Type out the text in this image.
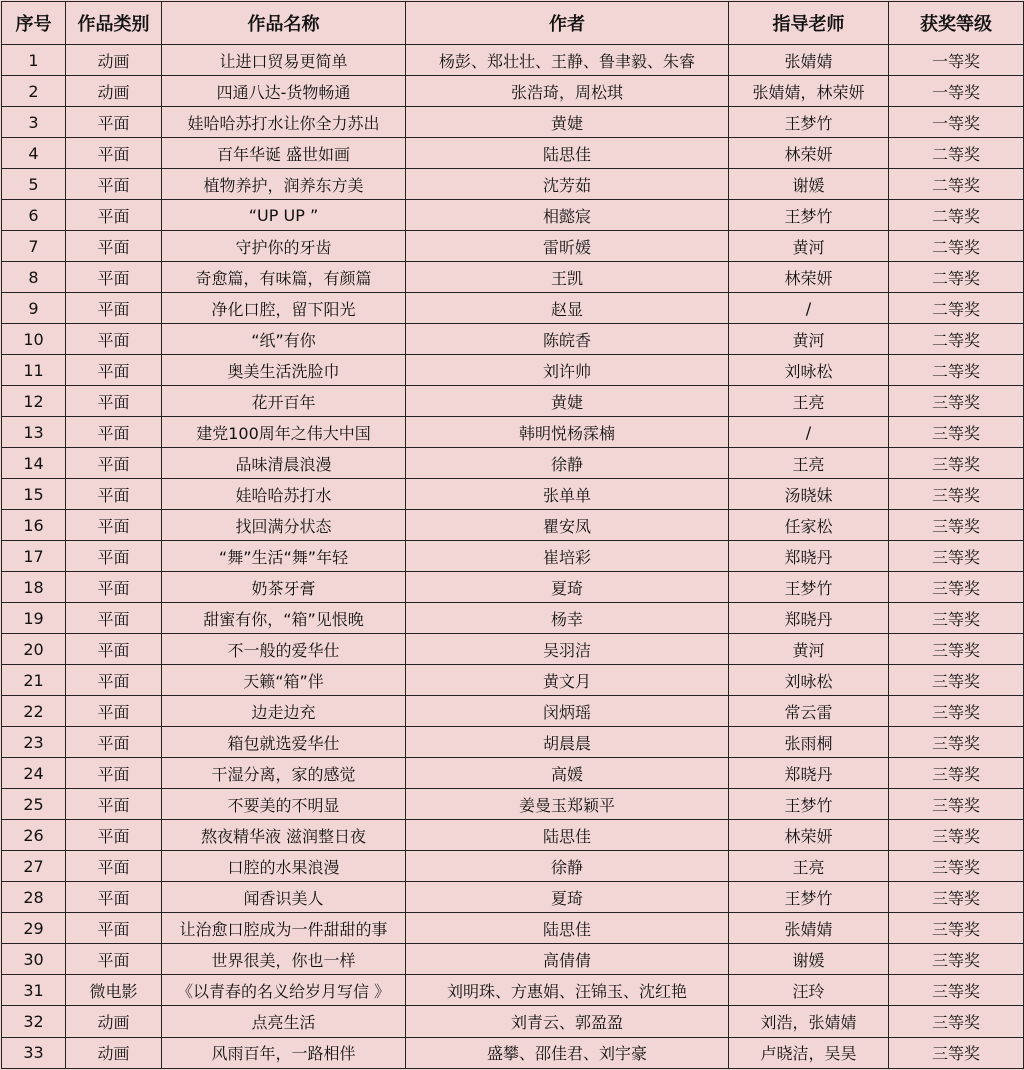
序号	作品类别	作品名称	作者	指导老师	获奖等级
1	动画	让进口贸易更简单	杨彭、郑壮壮、王静、鲁聿毅、朱睿	张婧婧	一等奖
2	动画	四通八达-货物畅通	张浩琦，周松琪	张婧婧，林荣妍	一等奖
3	平面	娃哈哈苏打水让你全力苏出	黄婕	王梦竹	一等奖
4	平面	百年华诞 盛世如画	陆思佳	林荣妍	二等奖
5	平面	植物养护，润养东方美	沈芳茹	谢媛	二等奖
6	平面	“UP UP ”	相懿宸	王梦竹	二等奖
7	平面	守护你的牙齿	雷昕媛	黄河	二等奖
8	平面	奇愈篇，有味篇，有颜篇	王凯	林荣妍	二等奖
9	平面	净化口腔，留下阳光	赵显	/	二等奖
10	平面	“纸”有你	陈皖香	黄河	二等奖
11	平面	奥美生活洗脸巾	刘许帅	刘咏松	二等奖
12	平面	花开百年	黄婕	王亮	三等奖
13	平面	建党100周年之伟大中国	韩明悦杨霂楠	/	三等奖
14	平面	品味清晨浪漫	徐静	王亮	三等奖
15	平面	娃哈哈苏打水	张单单	汤晓妹	三等奖
16	平面	找回满分状态	瞿安凤	任家松	三等奖
17	平面	“舞”生活“舞”年轻	崔培彩	郑晓丹	三等奖
18	平面	奶茶牙膏	夏琦	王梦竹	三等奖
19	平面	甜蜜有你，“箱”见恨晚	杨幸	郑晓丹	三等奖
20	平面	不一般的爱华仕	吴羽洁	黄河	三等奖
21	平面	天籁“箱”伴	黄文月	刘咏松	三等奖
22	平面	边走边充	闵炳瑶	常云雷	三等奖
23	平面	箱包就选爱华仕	胡晨晨	张雨桐	三等奖
24	平面	干湿分离，家的感觉	高媛	郑晓丹	三等奖
25	平面	不要美的不明显	姜曼玉郑颖平	王梦竹	三等奖
26	平面	熬夜精华液 滋润整日夜	陆思佳	林荣妍	三等奖
27	平面	口腔的水果浪漫	徐静	王亮	三等奖
28	平面	闻香识美人	夏琦	王梦竹	三等奖
29	平面	让治愈口腔成为一件甜甜的事	陆思佳	张婧婧	三等奖
30	平面	世界很美，你也一样	高倩倩	谢媛	三等奖
31	微电影	《以青春的名义给岁月写信 》	刘明珠、方惠娟、汪锦玉、沈红艳	汪玲	三等奖
32	动画	点亮生活	刘青云、郭盈盈	刘浩，张婧婧	三等奖
33	动画	风雨百年，一路相伴	盛攀、邵佳君、刘宇豪	卢晓洁，吴昊	三等奖
